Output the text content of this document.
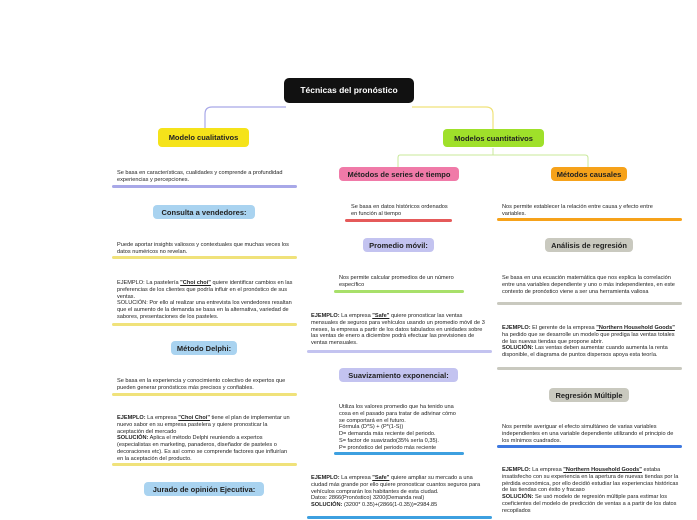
Técnicas del pronóstico
Modelo cualitativos
Se basa en características, cualidades y comprende a profundidad experiencias y percepciones.
Consulta a vendedores:
Puede aportar insights valiosos y contextuales que muchas veces los datos numéricos no revelan.
EJEMPLO: La pastelería "Choi choi" quiere identificar cambios en las preferencias de los clientes que podría influir en el pronóstico de sus ventas.
SOLUCIÓN: Por ello al realizar una entrevista los vendedores resaltan que el aumento de la demanda se basa en la alternativa, variedad de sabores, presentaciones de los pasteles.
Método Delphi:
Se basa en la experiencia y conocimiento colectivo de expertos que pueden generar pronósticos más precisos y confiables.
EJEMPLO: La empresa "Choi Choi" tiene el plan de implementar un nuevo sabor en su empresa pastelera y quiere pronosticar la aceptación del mercado
SOLUCIÓN: Aplica el método Delphi reuniendo a expertos (especialistas en marketing, panaderos, diseñador de pasteles o decoraciones etc). Es así como se comprende factores que influirían en la aceptación del producto.
Jurado de opinión Ejecutiva:
Modelos cuantitativos
Métodos de series de tiempo
Se basa en datos históricos ordenados en función al tiempo
Promedio móvil:
Nos permite calcular promedios de un número específico
EJEMPLO: La empresa "Safe" quiere pronosticar las ventas mensuales de seguros para vehículos usando un promedio móvil de 3 meses, la empresa a partir de los datos tabulados en unidades sobre las ventas de enero a diciembre podrá efectuar las previsiones de ventas mensuales.
Suavizamiento exponencial:
Utiliza los valores promedio que ha tenido una cosa en el pasado para tratar de adivinar cómo se comportará en el futuro.
Fórmula (D*S) + (P*(1-S))
D= demanda más reciente del periodo.
S= factor de suavizado(35% sería 0,35).
P= pronóstico del periodo más reciente
EJEMPLO: La empresa "Safe" quiere ampliar su mercado a una ciudad más grande por ello quiere pronosticar cuantos seguros para vehículos comprarán los habitantes de esta ciudad.
Datos: 2866(Pronóstico) 3200(Demanda real)
SOLUCIÓN: (3200* 0.35)+(2866(1-0.35))=2984.85
Métodos causales
Nos permite establecer la relación entre causa y efecto entre variables.
Análisis de regresión
Se basa en una ecuación matemática que nos explica la correlación entre una variables dependiente y uno o más independientes, en este contexto de pronóstico viene a ser una herramienta valiosa
EJEMPLO: El gerente de la empresa "Northern Household Goods" ha pedido que se desarrolle un modelo que prediga las ventas totales de las nuevas tiendas que propone abrir.
SOLUCIÓN: Las ventas deben aumentar cuando aumenta la renta disponible, el diagrama de puntos dispersos apoya esta teoría.
Regresión Múltiple
Nos permite averiguar el efecto simultáneo de varias variables independientes en una variable dependiente utilizando el principio de los mínimos cuadrados.
EJEMPLO: La empresa "Northern Household Goods" estaba insatisfecho con su experiencia en la apertura de nuevas tiendas por la pérdida económica, por ello decidió estudiar las experiencias históricas de las tiendas con éxito y fracaso
SOLUCIÓN: Se usó modelo de regresión múltiple para estimar los coeficientes del modelo de predicción de ventas a a partir de los datos recopilados
